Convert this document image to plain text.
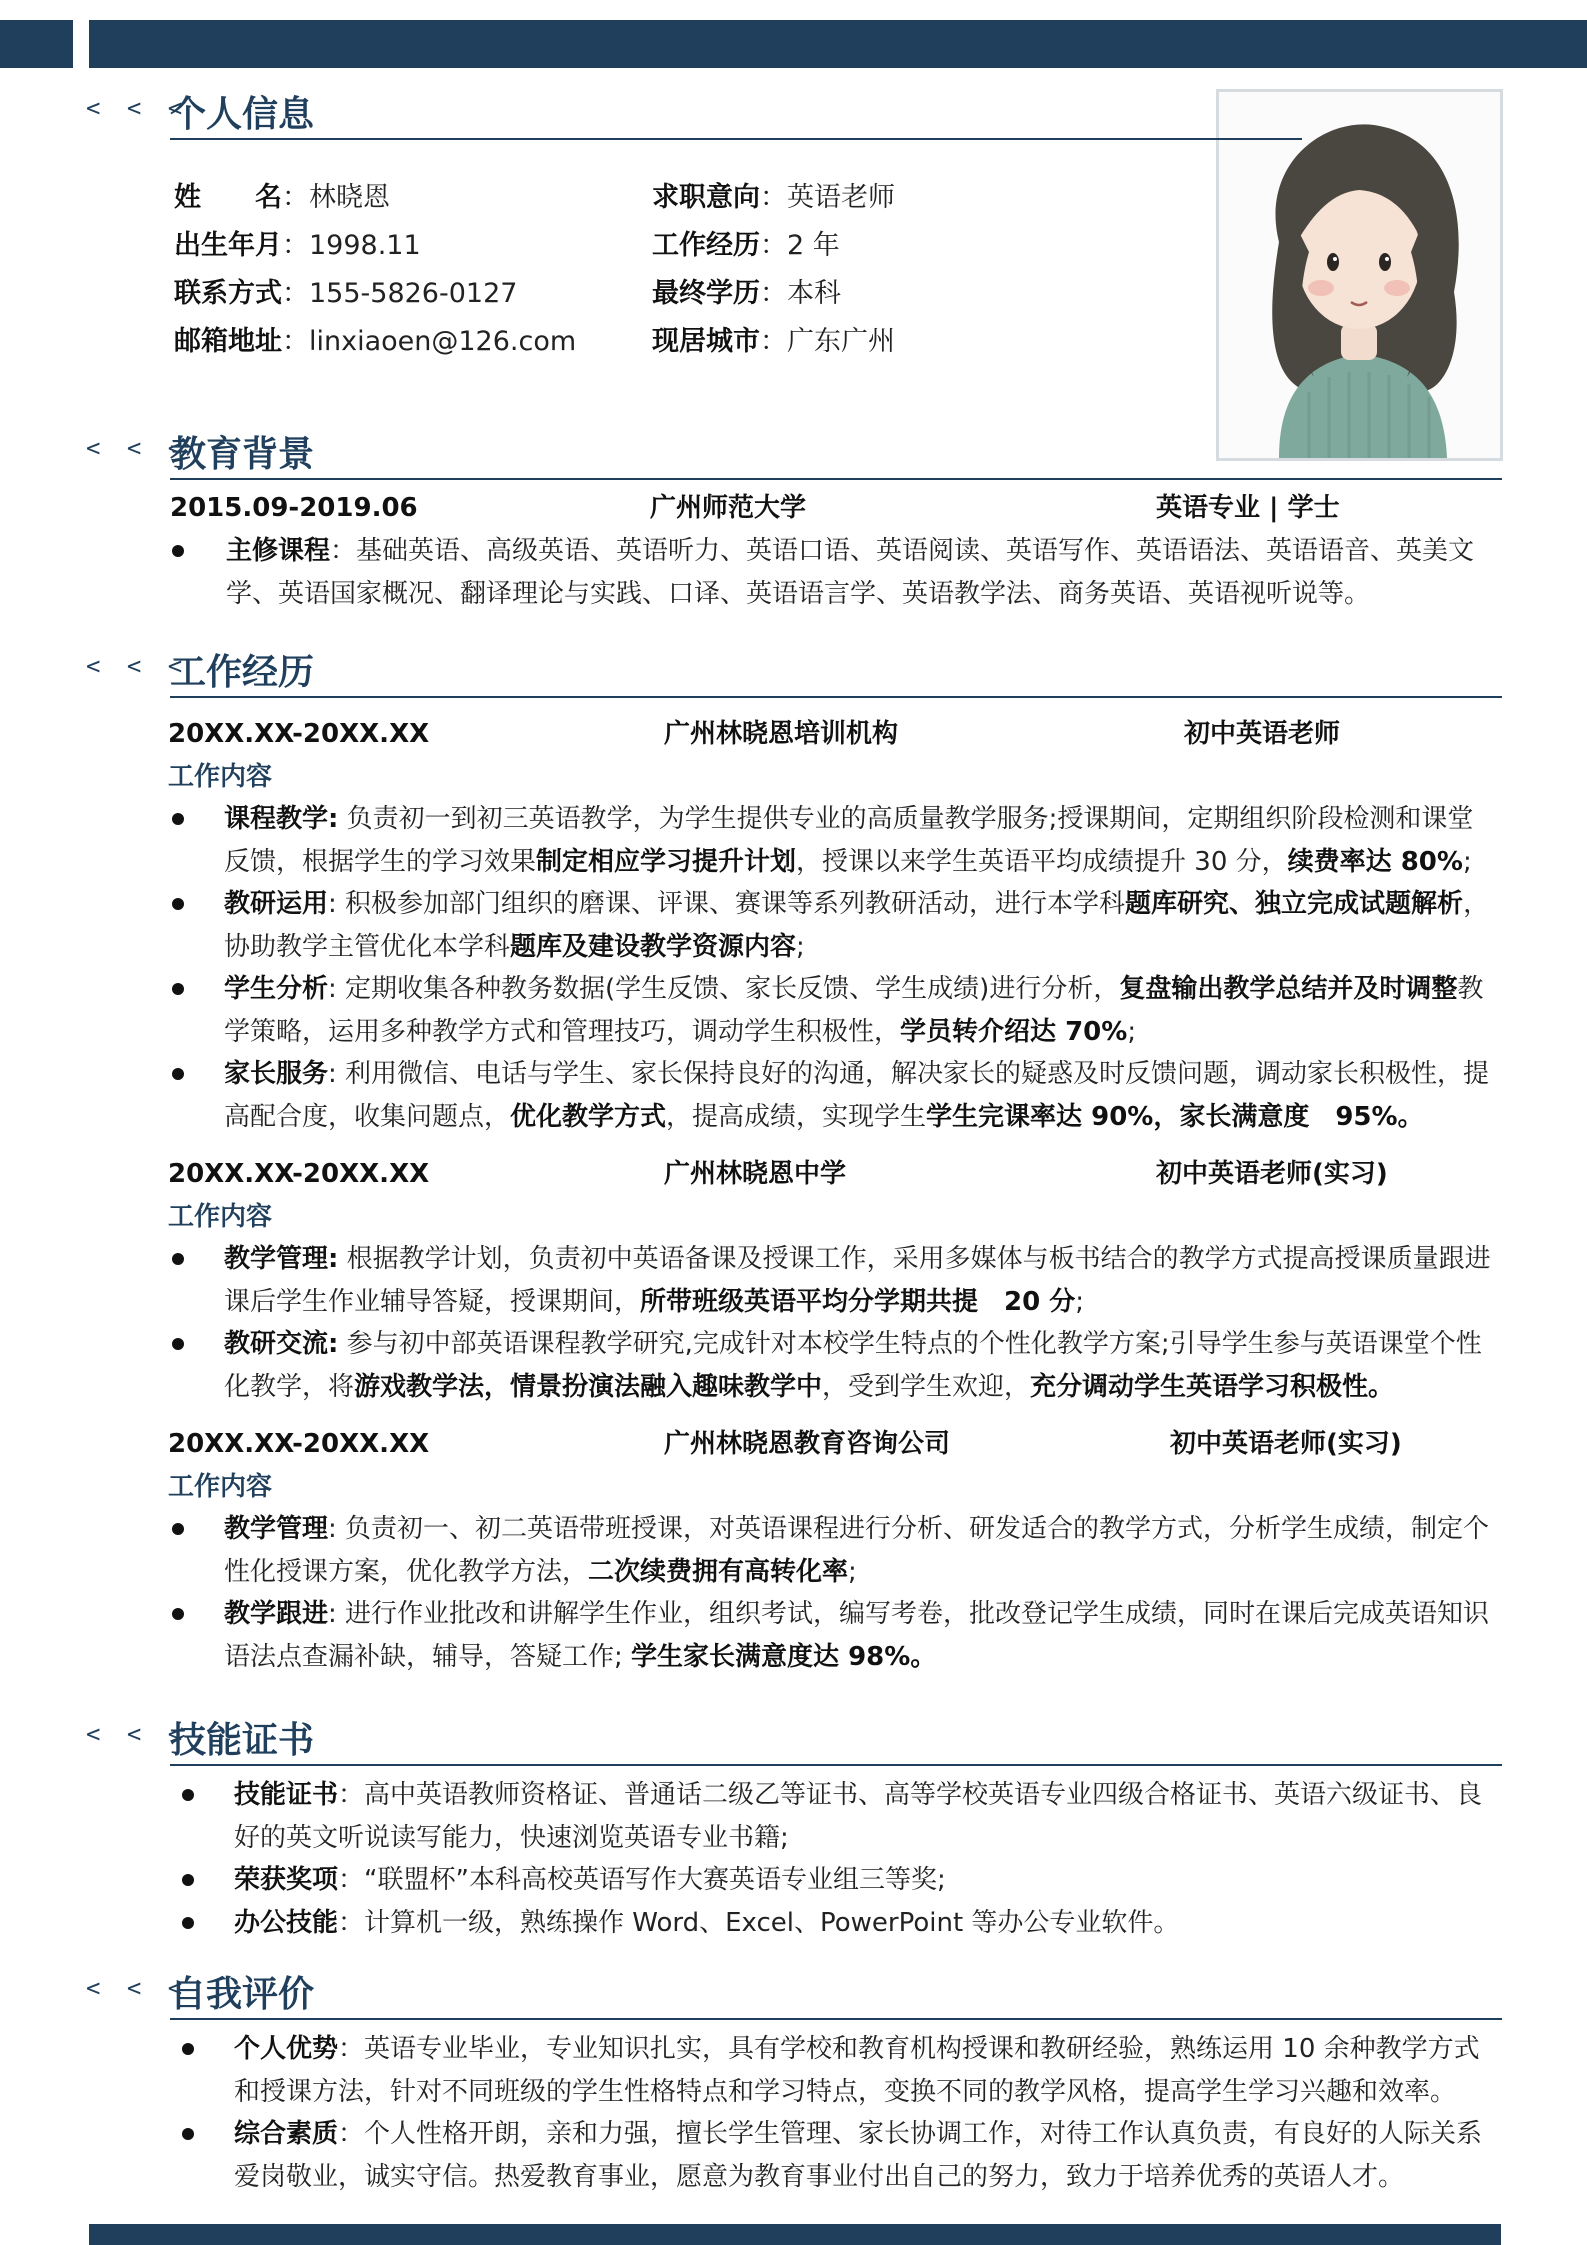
< < <
个人信息
姓　　名：林晓恩	求职意向：英语老师
出生年月：1998.11	工作经历：2 年
联系方式：155-5826-0127	最终学历：本科
邮箱地址：linxiaoen@126.com	现居城市：广东广州
< < <
教育背景
2015.09-2019.06	广州师范大学	英语专业 | 学士
主修课程：基础英语、高级英语、英语听力、英语口语、英语阅读、英语写作、英语语法、英语语音、英美文学、英语国家概况、翻译理论与实践、口译、英语语言学、英语教学法、商务英语、英语视听说等。
< < <
工作经历
20XX.XX-20XX.XX	广州林晓恩培训机构	初中英语老师
工作内容
课程教学: 负责初一到初三英语教学，为学生提供专业的高质量教学服务;授课期间，定期组织阶段检测和课堂反馈，根据学生的学习效果制定相应学习提升计划，授课以来学生英语平均成绩提升 30 分，续费率达 80%;
教研运用: 积极参加部门组织的磨课、评课、赛课等系列教研活动，进行本学科题库研究、独立完成试题解析，协助教学主管优化本学科题库及建设教学资源内容;
学生分析: 定期收集各种教务数据(学生反馈、家长反馈、学生成绩)进行分析，复盘输出教学总结并及时调整教学策略，运用多种教学方式和管理技巧，调动学生积极性，学员转介绍达 70%;
家长服务: 利用微信、电话与学生、家长保持良好的沟通，解决家长的疑惑及时反馈问题，调动家长积极性，提高配合度，收集问题点，优化教学方式，提高成绩，实现学生学生完课率达 90%，家长满意度　95%。
20XX.XX-20XX.XX	广州林晓恩中学	初中英语老师(实习)
工作内容
教学管理: 根据教学计划，负责初中英语备课及授课工作，采用多媒体与板书结合的教学方式提高授课质量跟进课后学生作业辅导答疑，授课期间，所带班级英语平均分学期共提　20 分;
教研交流: 参与初中部英语课程教学研究,完成针对本校学生特点的个性化教学方案;引导学生参与英语课堂个性化教学，将游戏教学法，情景扮演法融入趣味教学中，受到学生欢迎，充分调动学生英语学习积极性。
20XX.XX-20XX.XX	广州林晓恩教育咨询公司	初中英语老师(实习)
工作内容
教学管理: 负责初一、初二英语带班授课，对英语课程进行分析、研发适合的教学方式，分析学生成绩，制定个性化授课方案，优化教学方法，二次续费拥有高转化率;
教学跟进: 进行作业批改和讲解学生作业，组织考试，编写考卷，批改登记学生成绩，同时在课后完成英语知识语法点查漏补缺，辅导，答疑工作; 学生家长满意度达 98%。
< < <
技能证书
技能证书：高中英语教师资格证、普通话二级乙等证书、高等学校英语专业四级合格证书、英语六级证书、良好的英文听说读写能力，快速浏览英语专业书籍;
荣获奖项：“联盟杯”本科高校英语写作大赛英语专业组三等奖;
办公技能：计算机一级，熟练操作 Word、Excel、PowerPoint 等办公专业软件。
< < <
自我评价
个人优势：英语专业毕业，专业知识扎实，具有学校和教育机构授课和教研经验，熟练运用 10 余种教学方式和授课方法，针对不同班级的学生性格特点和学习特点，变换不同的教学风格，提高学生学习兴趣和效率。
综合素质：个人性格开朗，亲和力强，擅长学生管理、家长协调工作，对待工作认真负责，有良好的人际关系爱岗敬业，诚实守信。热爱教育事业，愿意为教育事业付出自己的努力，致力于培养优秀的英语人才。
